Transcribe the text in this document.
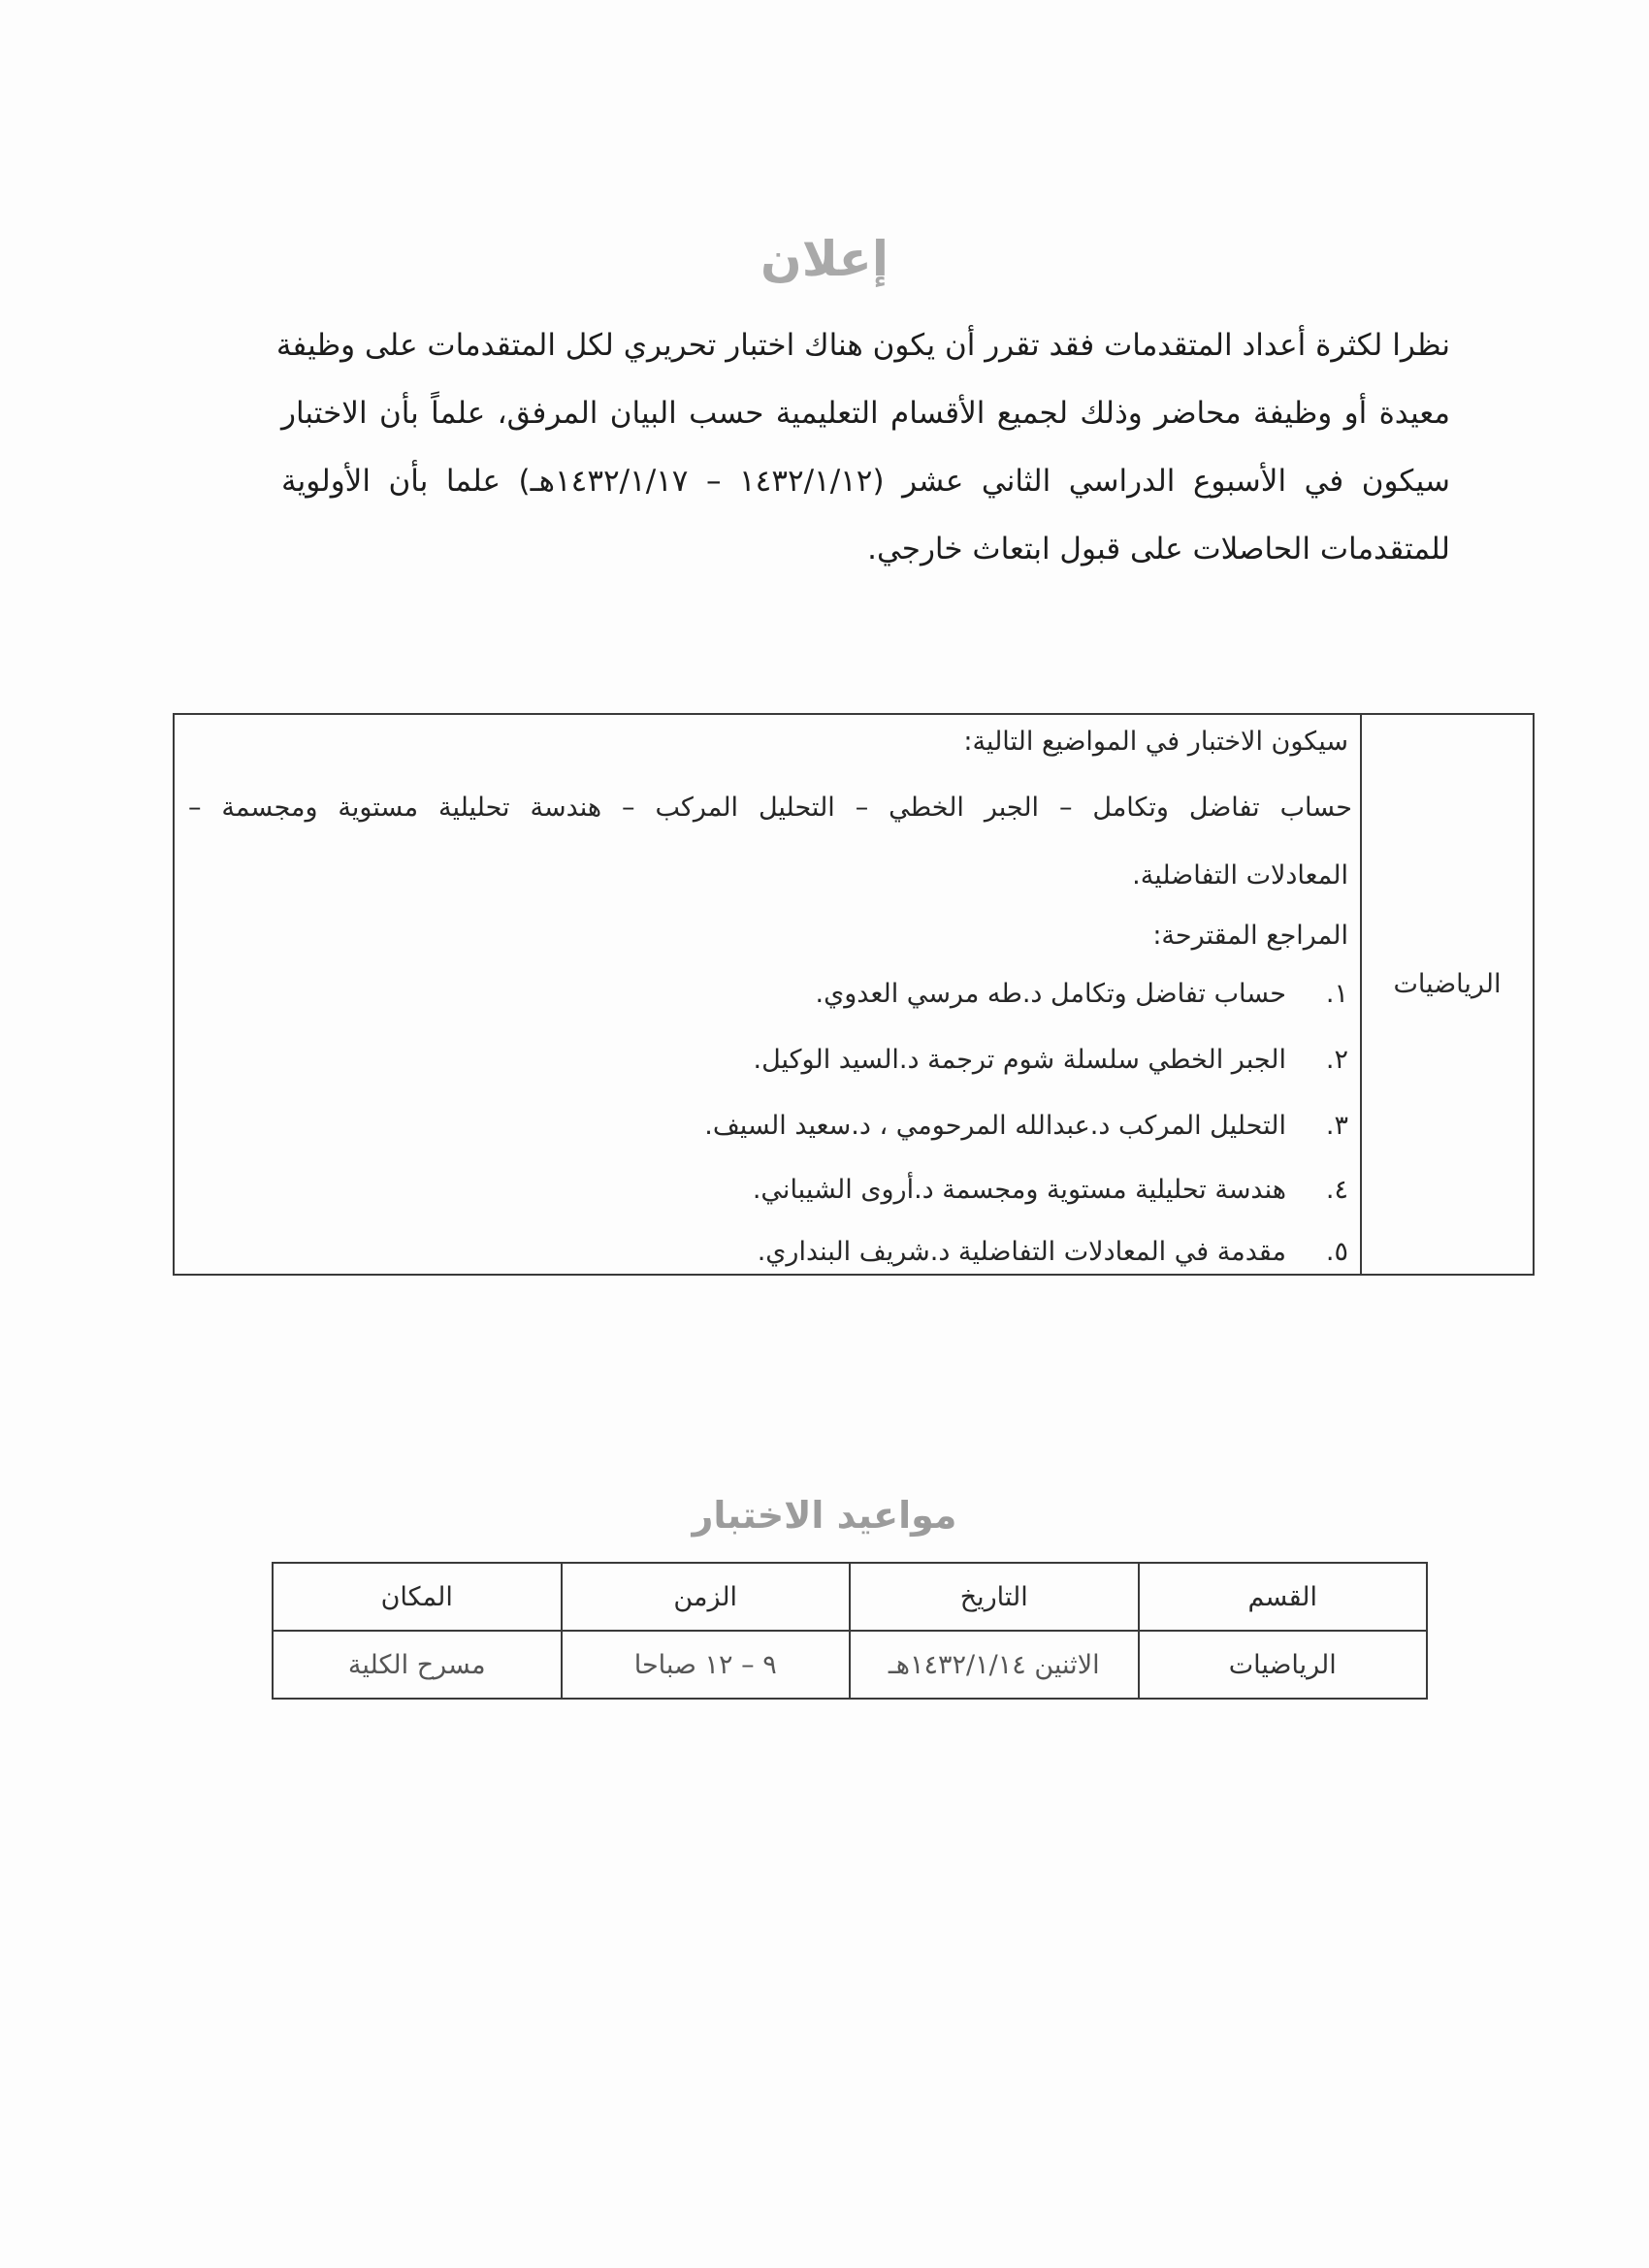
إعلان
نظرا لكثرة أعداد المتقدمات فقد تقرر أن يكون هناك اختبار تحريري لكل المتقدمات على وظيفة
معيدة أو وظيفة محاضر وذلك لجميع الأقسام التعليمية حسب البيان المرفق، علماً بأن الاختبار
سيكون في الأسبوع الدراسي الثاني عشر (١٤٣٢/١/١٢ – ١٤٣٢/١/١٧هـ) علما بأن الأولوية
للمتقدمات الحاصلات على قبول ابتعاث خارجي.
الرياضيات
سيكون الاختبار في المواضيع التالية:
حساب تفاضل وتكامل – الجبر الخطي – التحليل المركب – هندسة تحليلية مستوية ومجسمة –
المعادلات التفاضلية.
المراجع المقترحة:
١.حساب تفاضل وتكامل د.طه مرسي العدوي.
٢.الجبر الخطي سلسلة شوم ترجمة د.السيد الوكيل.
٣.التحليل المركب د.عبدالله المرحومي ، د.سعيد السيف.
٤.هندسة تحليلية مستوية ومجسمة د.أروى الشيباني.
٥.مقدمة في المعادلات التفاضلية د.شريف البنداري.
مواعيد الاختبار
القسم	التاريخ	الزمن	المكان
الرياضيات	الاثنين ١٤٣٢/١/١٤هـ	٩ – ١٢ صباحا	مسرح الكلية
